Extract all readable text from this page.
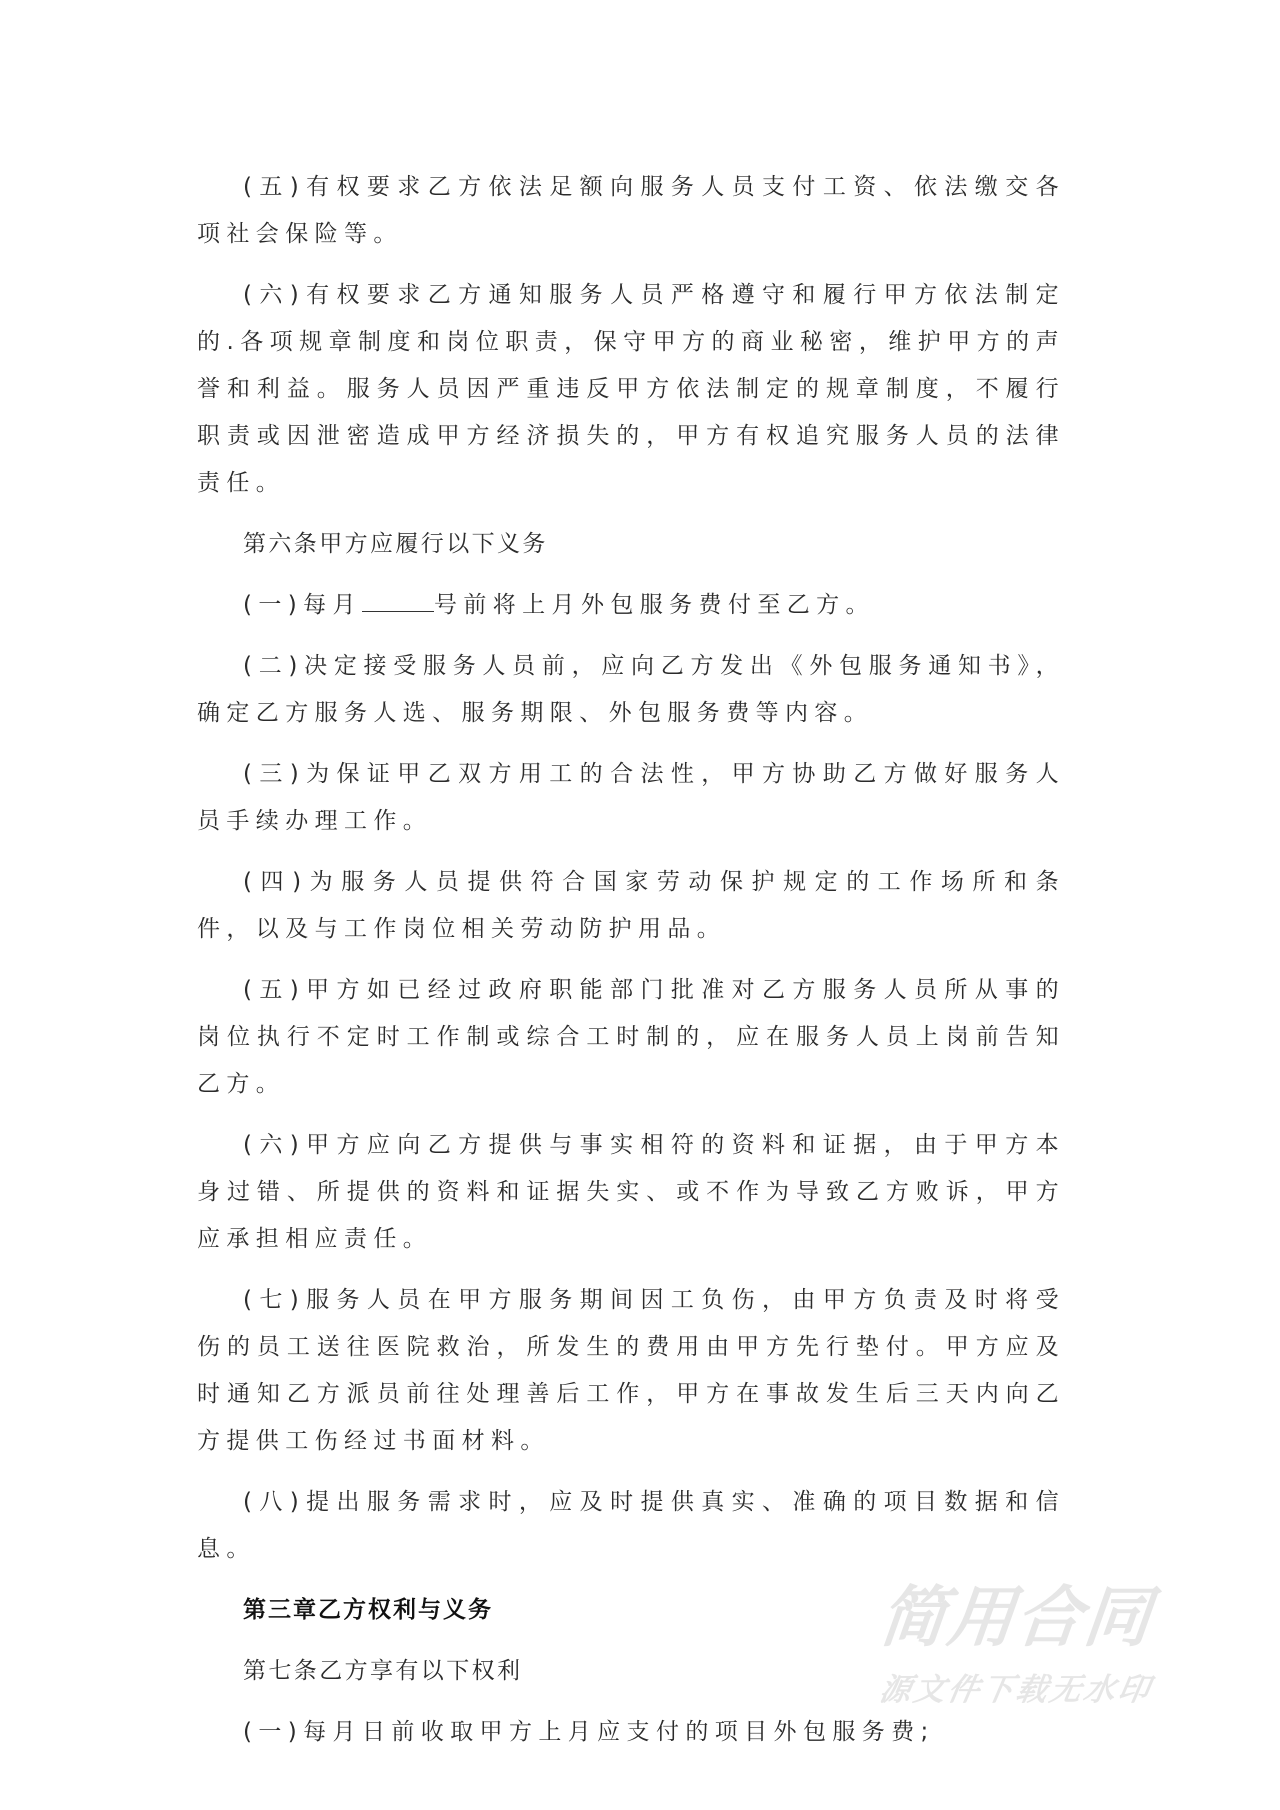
(五)有权要求乙方依法足额向服务人员支付工资、依法缴交各项社会保险等。

(六)有权要求乙方通知服务人员严格遵守和履行甲方依法制定的.各项规章制度和岗位职责，保守甲方的商业秘密，维护甲方的声誉和利益。服务人员因严重违反甲方依法制定的规章制度，不履行职责或因泄密造成甲方经济损失的，甲方有权追究服务人员的法律责任。

第六条甲方应履行以下义务

(一)每月	号前将上月外包服务费付至乙方。

(二)决定接受服务人员前，应向乙方发出《外包服务通知书》，确定乙方服务人选、服务期限、外包服务费等内容。

(三)为保证甲乙双方用工的合法性，甲方协助乙方做好服务人员手续办理工作。

(四)为服务人员提供符合国家劳动保护规定的工作场所和条件，以及与工作岗位相关劳动防护用品。

(五)甲方如已经过政府职能部门批准对乙方服务人员所从事的岗位执行不定时工作制或综合工时制的，应在服务人员上岗前告知乙方。

(六)甲方应向乙方提供与事实相符的资料和证据，由于甲方本身过错、所提供的资料和证据失实、或不作为导致乙方败诉，甲方应承担相应责任。

(七)服务人员在甲方服务期间因工负伤，由甲方负责及时将受伤的员工送往医院救治，所发生的费用由甲方先行垫付。甲方应及时通知乙方派员前往处理善后工作，甲方在事故发生后三天内向乙方提供工伤经过书面材料。

(八)提出服务需求时，应及时提供真实、准确的项目数据和信息。

第三章乙方权利与义务

第七条乙方享有以下权利

(一)每月日前收取甲方上月应支付的项目外包服务费;

简用合同
源文件下载无水印
